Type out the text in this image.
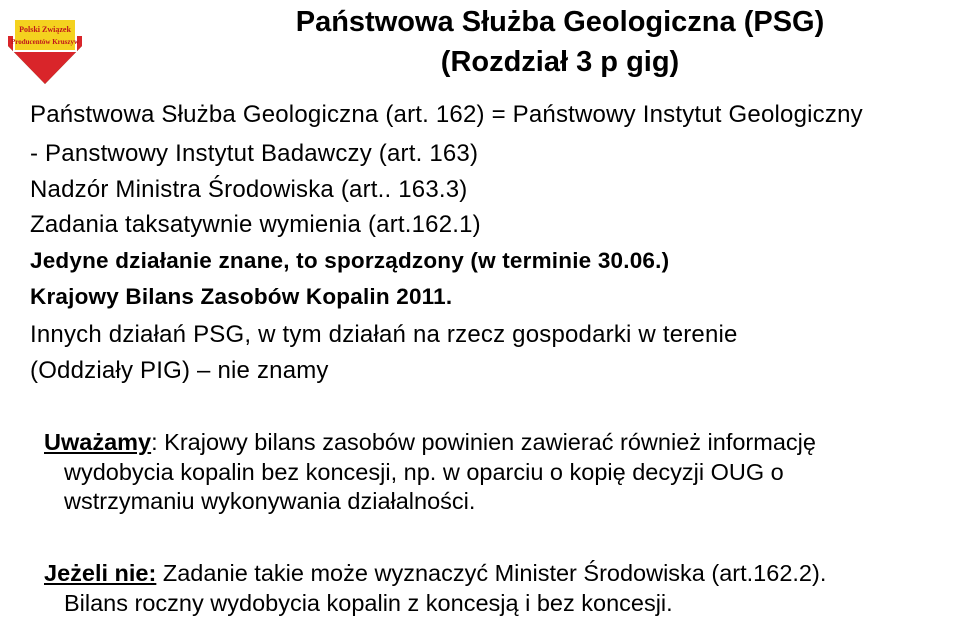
Polski Związek
Producentów Kruszyw
Państwowa Służba Geologiczna (PSG)
(Rozdział 3 p gig)
Państwowa Służba Geologiczna (art. 162) = Państwowy Instytut Geologiczny
- Panstwowy Instytut Badawczy (art. 163)
Nadzór Ministra Środowiska (art.. 163.3)
Zadania taksatywnie wymienia (art.162.1)
Jedyne działanie znane, to sporządzony (w terminie 30.06.)
Krajowy Bilans Zasobów Kopalin 2011.
Innych działań PSG, w tym działań na rzecz gospodarki w terenie
(Oddziały PIG) – nie znamy
Uważamy: Krajowy bilans zasobów powinien zawierać również informację
wydobycia kopalin bez koncesji, np. w oparciu o kopię decyzji OUG o
wstrzymaniu wykonywania działalności.
Jeżeli nie: Zadanie takie może wyznaczyć Minister Środowiska (art.162.2).
Bilans roczny wydobycia kopalin z koncesją i bez koncesji.
